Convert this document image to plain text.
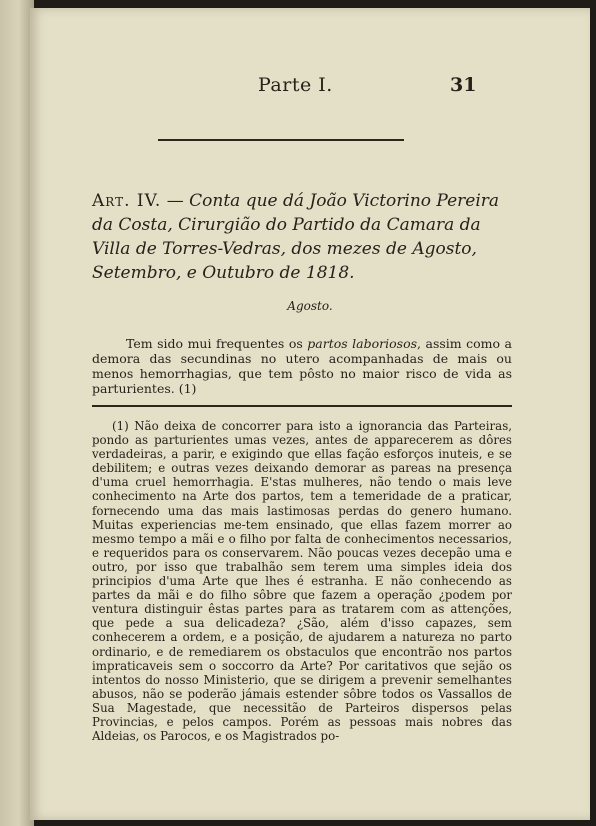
Parte I.	31
Art. IV. — Conta que dá João Victorino Pereira da Costa, Cirurgião do Partido da Camara da Villa de Torres-Vedras, dos mezes de Agosto, Setembro, e Outubro de 1818.
Agosto.
Tem sido mui frequentes os partos laboriosos, assim como a demora das secundinas no utero acompanhadas de mais ou menos hemorrhagias, que tem pôsto no maior risco de vida as parturientes. (1)
(1) Não deixa de concorrer para isto a ignorancia das Parteiras, pondo as parturientes umas vezes, antes de apparecerem as dôres verdadeiras, a parir, e exigindo que ellas fação esforços inuteis, e se debilitem; e outras vezes deixando demorar as pareas na presença d'uma cruel hemorrhagia. E'stas mulheres, não tendo o mais leve conhecimento na Arte dos partos, tem a temeridade de a praticar, fornecendo uma das mais lastimosas perdas do genero humano. Muitas experiencias me-tem ensinado, que ellas fazem morrer ao mesmo tempo a mãi e o filho por falta de conhecimentos necessarios, e requeridos para os conservarem. Não poucas vezes decepão uma e outro, por isso que trabalhão sem terem uma simples ideia dos principios d'uma Arte que lhes é estranha. E não conhecendo as partes da mãi e do filho sôbre que fazem a operação ¿podem por ventura distinguir êstas partes para as tratarem com as attenções, que pede a sua delicadeza? ¿São, além d'isso capazes, sem conhecerem a ordem, e a posição, de ajudarem a natureza no parto ordinario, e de remediarem os obstaculos que encontrão nos partos impraticaveis sem o soccorro da Arte? Por caritativos que sejão os intentos do nosso Ministerio, que se dirigem a prevenir semelhantes abusos, não se poderão jámais estender sôbre todos os Vassallos de Sua Magestade, que necessitão de Parteiros dispersos pelas Provincias, e pelos campos. Porém as pessoas mais nobres das Aldeias, os Parocos, e os Magistrados po-
